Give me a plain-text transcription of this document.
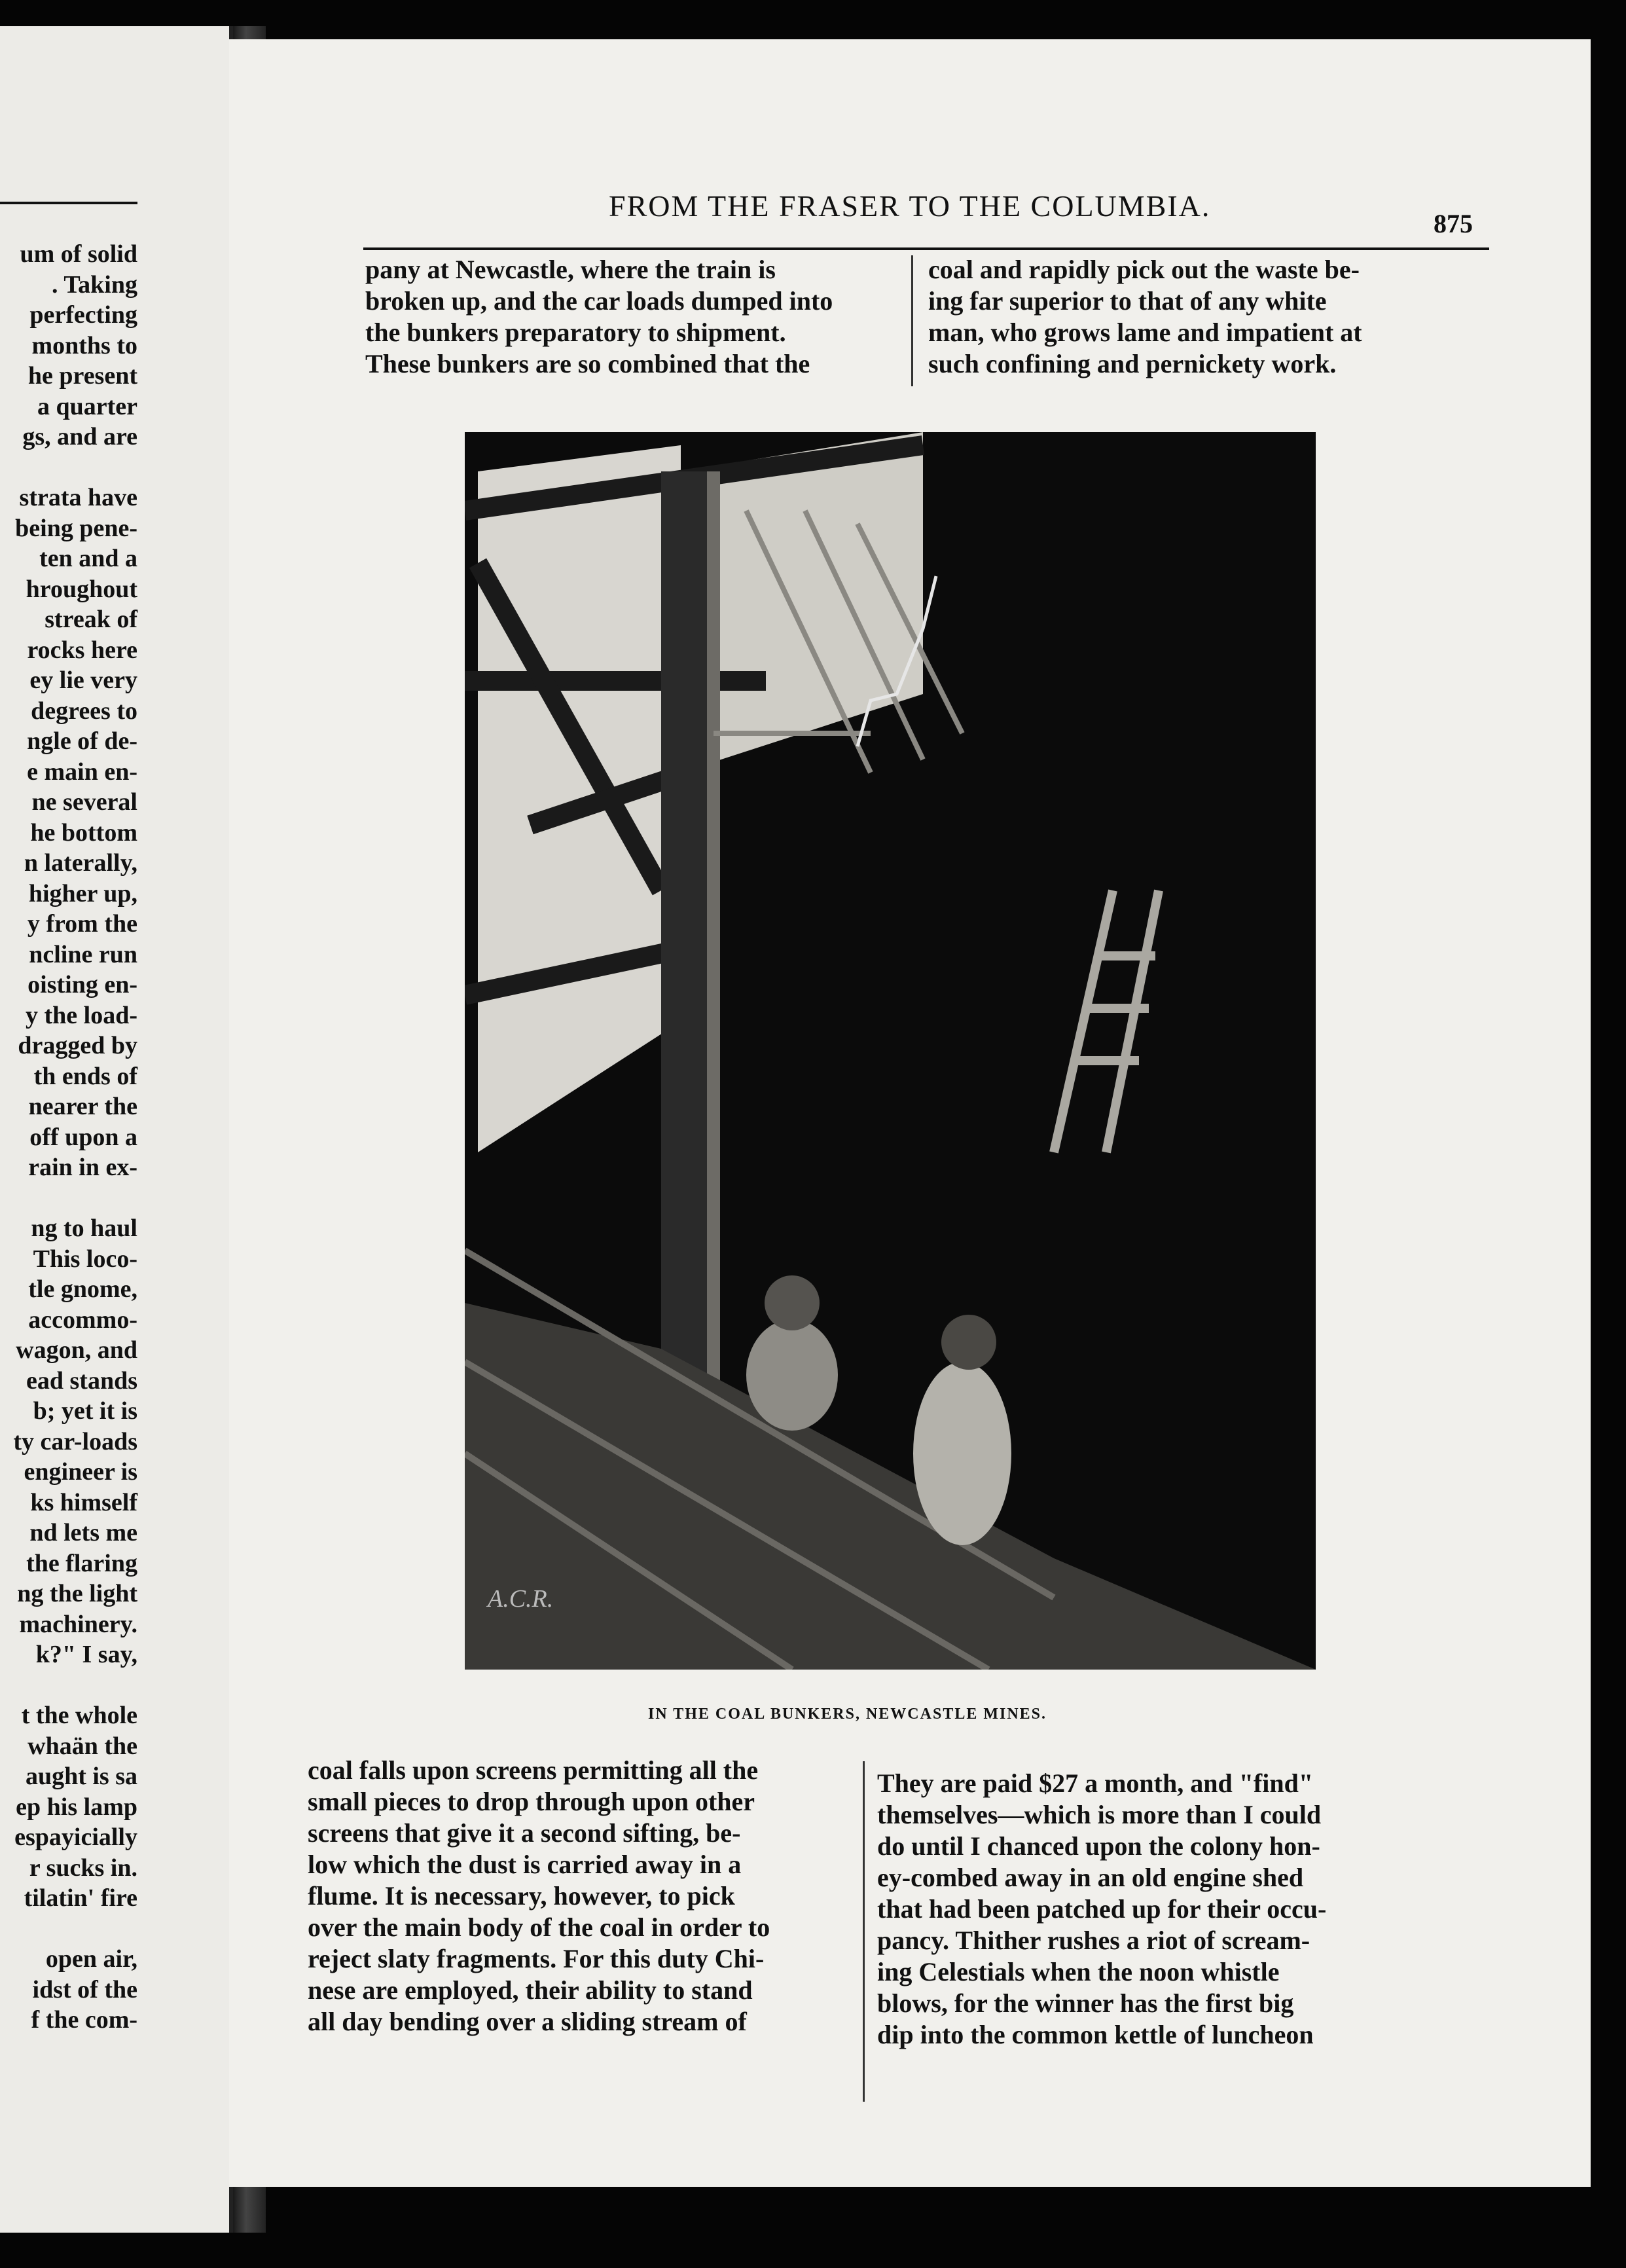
um of solid
. Taking
perfecting
months to
he present
a quarter
gs, and are
strata have
being pene-
ten and a
hroughout
streak of
rocks here
ey lie very
degrees to
ngle of de-
e main en-
ne several
he bottom
n laterally,
higher up,
y from the
ncline run
oisting en-
y the load-
dragged by
th ends of
nearer the
off upon a
rain in ex-
ng to haul
This loco-
tle gnome,
accommo-
wagon, and
ead stands
b; yet it is
ty car-loads
engineer is
ks himself
nd lets me
the flaring
ng the light
machinery.
k?" I say,
t the whole
whaän the
aught is sa
ep his lamp
espayicially
r sucks in.
tilatin' fire
open air,
idst of the
f the com-
FROM THE FRASER TO THE COLUMBIA.
875
pany at Newcastle, where the train is
broken up, and the car loads dumped into
the bunkers preparatory to shipment.
These bunkers are so combined that the
coal and rapidly pick out the waste be-
ing far superior to that of any white
man, who grows lame and impatient at
such confining and pernickety work.
A.C.R.
IN THE COAL BUNKERS, NEWCASTLE MINES.
coal falls upon screens permitting all the
small pieces to drop through upon other
screens that give it a second sifting, be-
low which the dust is carried away in a
flume. It is necessary, however, to pick
over the main body of the coal in order to
reject slaty fragments. For this duty Chi-
nese are employed, their ability to stand
all day bending over a sliding stream of
They are paid $27 a month, and "find"
themselves—which is more than I could
do until I chanced upon the colony hon-
ey-combed away in an old engine shed
that had been patched up for their occu-
pancy. Thither rushes a riot of scream-
ing Celestials when the noon whistle
blows, for the winner has the first big
dip into the common kettle of luncheon
